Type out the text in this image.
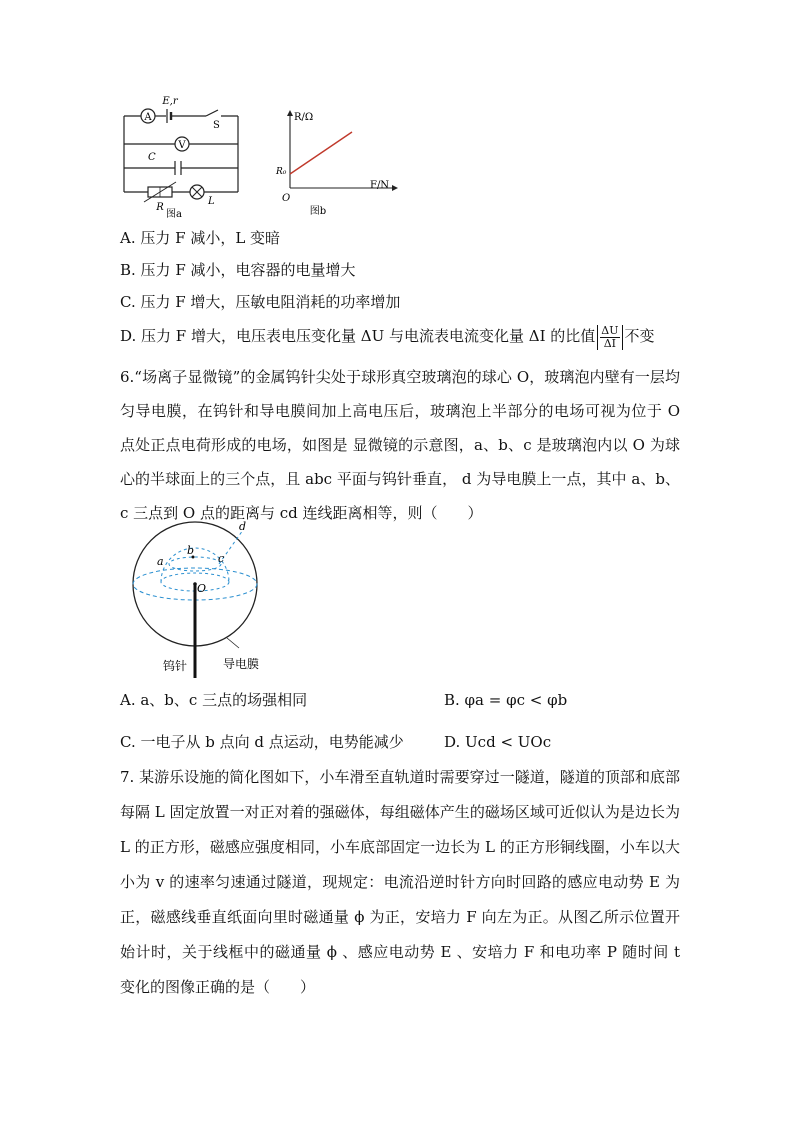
A
E,r
S
V
C
R
L
图a
R/Ω
F/N
O
R₀
图b
A. 压力 F 减小，L 变暗
B. 压力 F 减小，电容器的电量增大
C. 压力 F 增大，压敏电阻消耗的功率增加
D. 压力 F 增大，电压表电压变化量 ΔU 与电流表电流变化量 ΔI 的比值 $\frac{\Delta U}{\Delta I}$ 不变
6.“场离子显微镜”的金属钨针尖处于球形真空玻璃泡的球心 O，玻璃泡内壁有一层均匀导电膜，在钨针和导电膜间加上高电压后，玻璃泡上半部分的电场可视为位于 O 点处正点电荷形成的电场，如图是 显微镜的示意图，a、b、c 是玻璃泡内以 O 为球心的半球面上的三个点，且 abc 平面与钨针垂直， d 为导电膜上一点，其中 a、b、c 三点到 O 点的距离与 cd 连线距离相等，则（　　）
d
b
a	c
O
钨针	导电膜
A. a、b、c 三点的场强相同	B. φa = φc < φb
C. 一电子从 b 点向 d 点运动，电势能减少	D. Ucd < UOc
7. 某游乐设施的简化图如下，小车滑至直轨道时需要穿过一隧道，隧道的顶部和底部每隔 L 固定放置一对正对着的强磁体，每组磁体产生的磁场区域可近似认为是边长为 L 的正方形，磁感应强度相同，小车底部固定一边长为 L 的正方形铜线圈，小车以大小为 v 的速率匀速通过隧道，现规定：电流沿逆时针方向时回路的感应电动势 E 为正，磁感线垂直纸面向里时磁通量 ϕ 为正，安培力 F 向左为正。从图乙所示位置开始计时，关于线框中的磁通量 ϕ 、感应电动势 E 、安培力 F 和电功率 P 随时间 t 变化的图像正确的是（　　）
